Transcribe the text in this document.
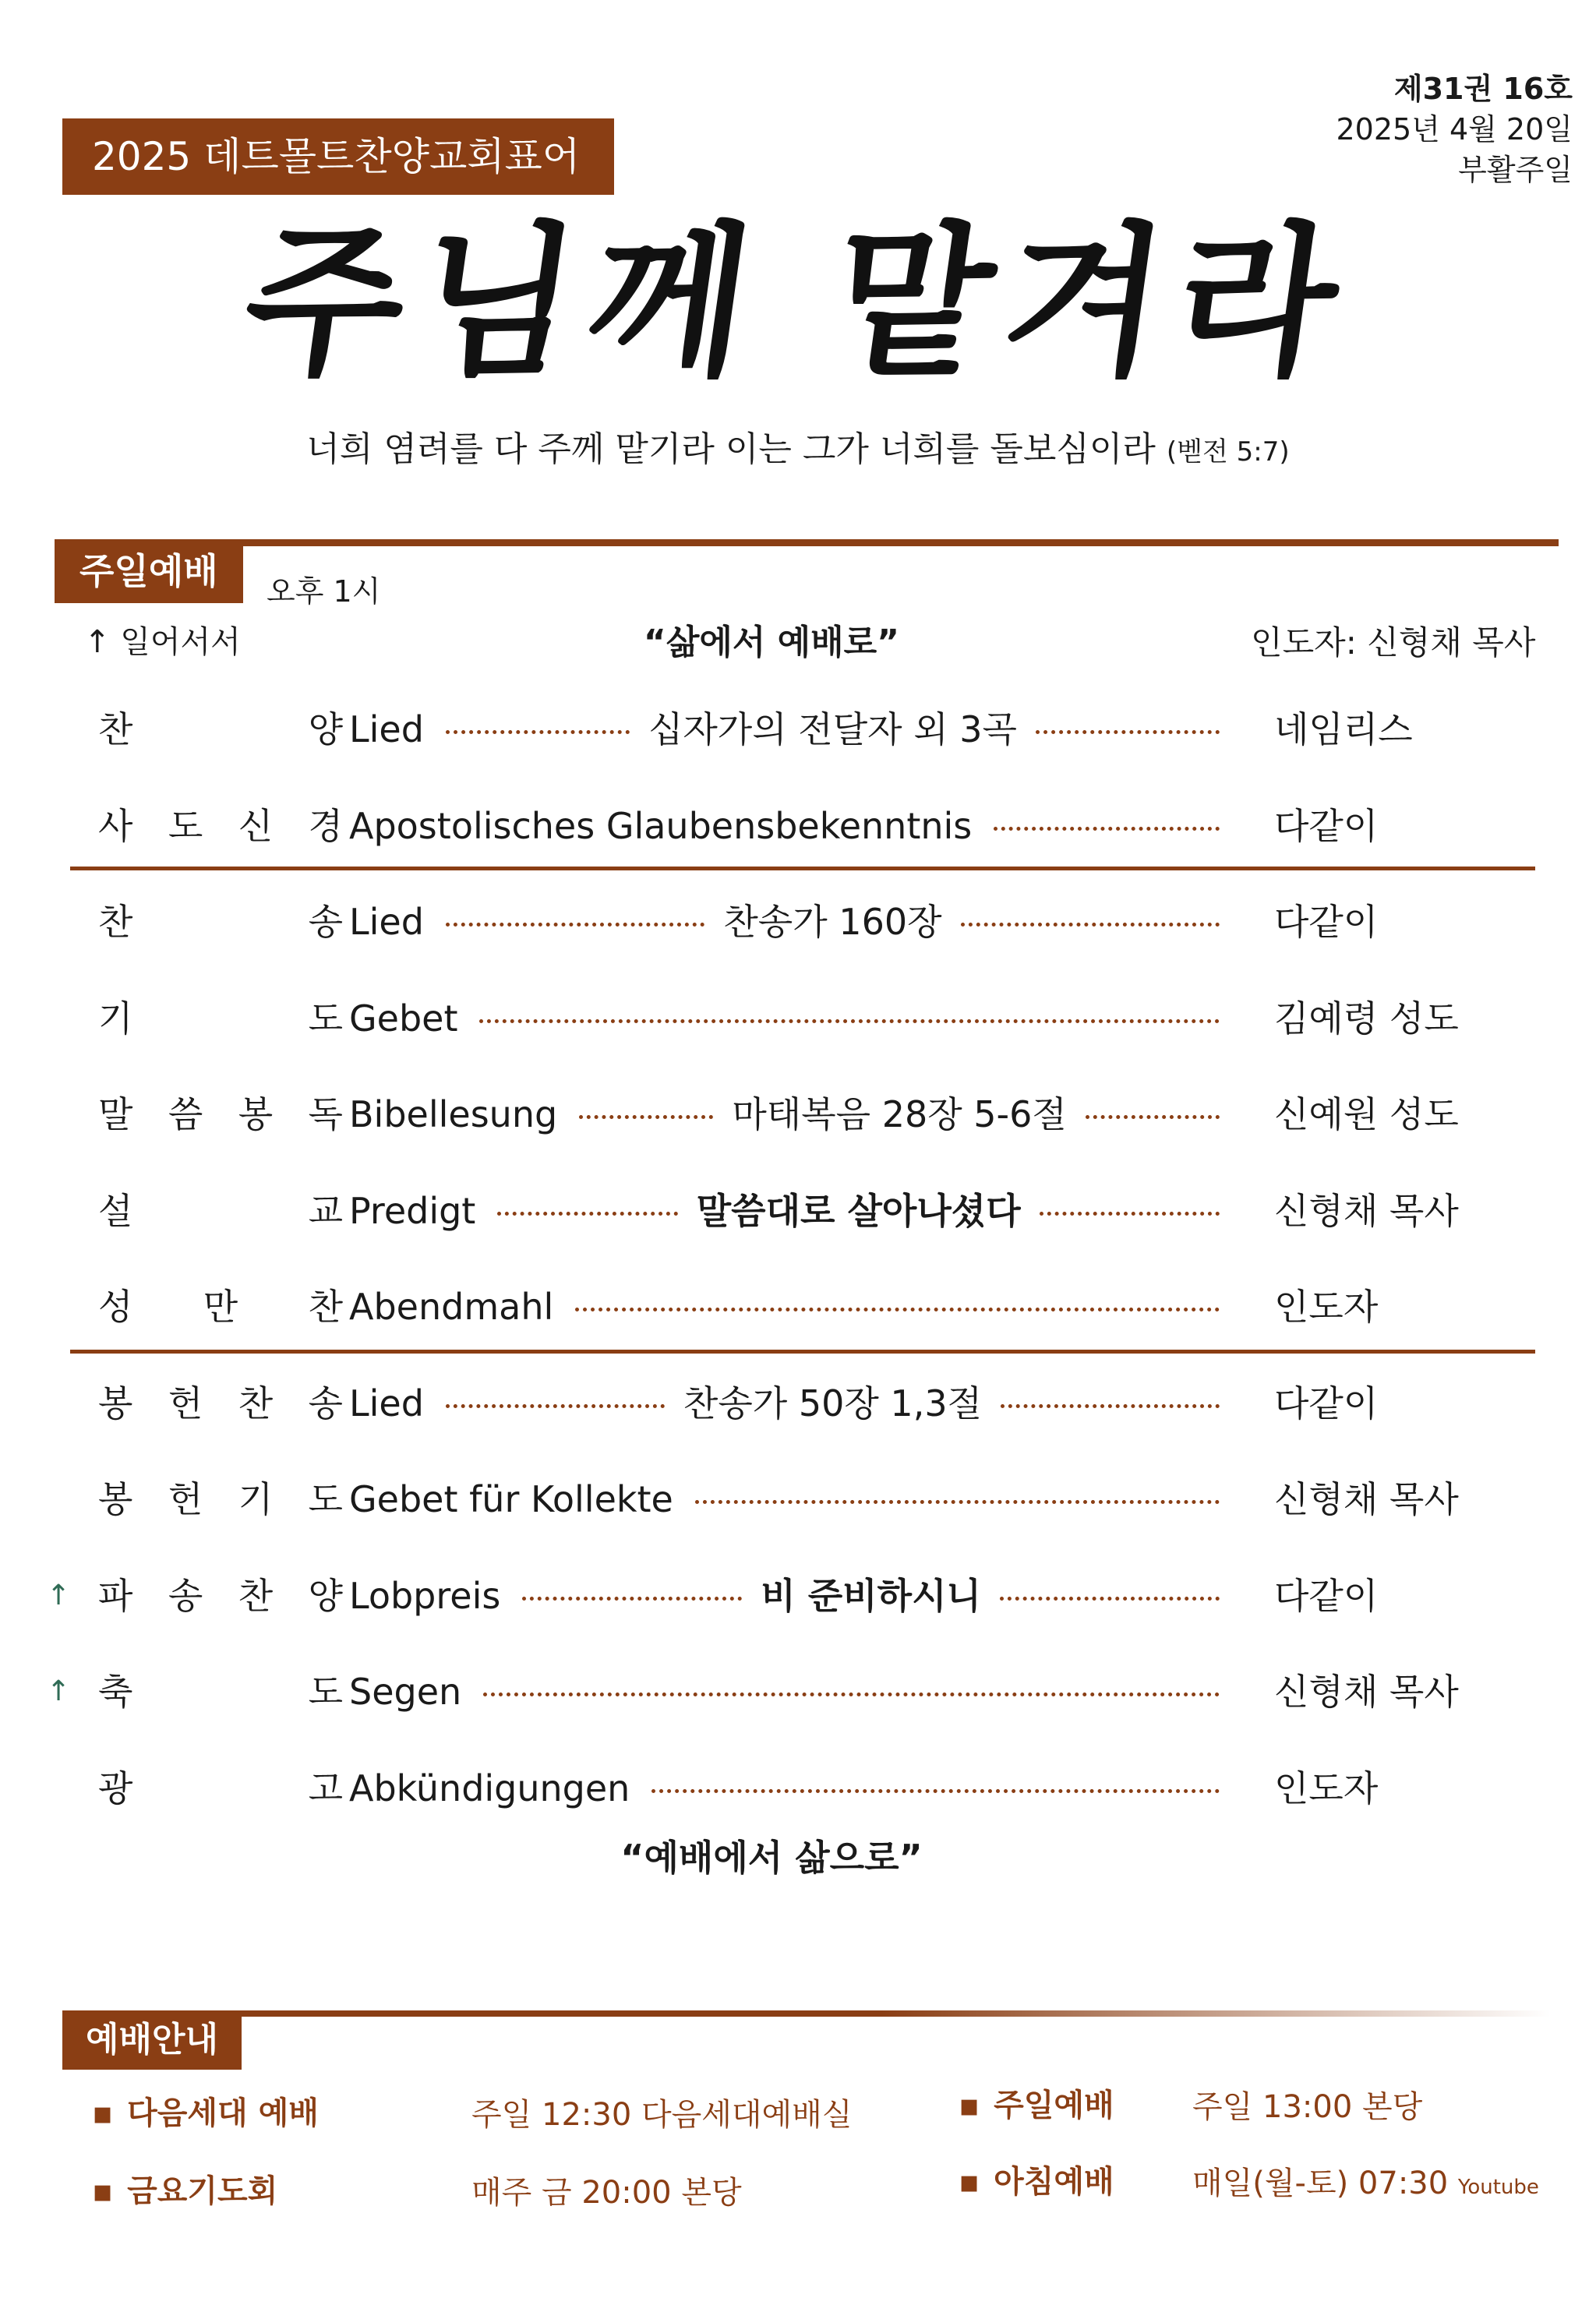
2025 데트몰트찬양교회표어
제31권 16호
2025년 4월 20일
부활주일
주님께 맡겨라
너희 염려를 다 주께 맡기라 이는 그가 너희를 돌보심이라 (벧전 5:7)
주일예배	오후 1시
↑ 일어서서	“삶에서 예배로”	인도자: 신형채 목사
찬	양 Lied	십자가의 전달자 외 3곡	네임리스
사 도 신 경 Apostolisches Glaubensbekenntnis	다같이
찬	송 Lied	찬송가 160장	다같이
기	도 Gebet	김예령 성도
말 씀 봉 독 Bibellesung	마태복음 28장 5-6절	신예원 성도
설	교 Predigt	말씀대로 살아나셨다	신형채 목사
성 만 찬 Abendmahl	인도자
봉 헌 찬 송 Lied	찬송가 50장 1,3절	다같이
봉 헌 기 도 Gebet für Kollekte	신형채 목사
↑ 파 송 찬 양 Lobpreis	비 준비하시니	다같이
↑ 축	도 Segen	신형채 목사
광	고 Abkündigungen	인도자
“예배에서 삶으로”
예배안내
▪ 다음세대 예배	주일 12:30 다음세대예배실
▪ 금요기도회	매주 금 20:00 본당
▪ 주일예배	주일 13:00 본당
▪ 아침예배	매일(월-토) 07:30 Youtube
